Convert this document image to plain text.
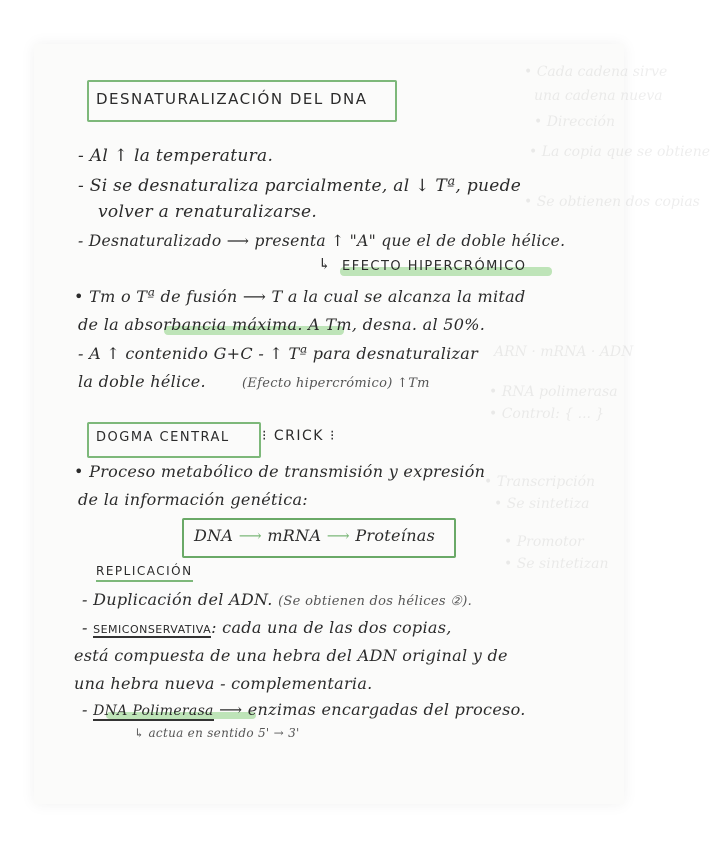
• Cada cadena sirve
una cadena nueva
• Dirección
• La copia que se obtiene
• Se obtienen dos copias
ARN · mRNA · ADN
• RNA polimerasa
• Control: { ... }
• Transcripción
• Se sintetiza
• Promotor
• Se sintetizan
DESNATURALIZACIÓN DEL DNA
- Al ↑ la temperatura.
- Si se desnaturaliza parcialmente, al ↓ Tª, puede
volver a renaturalizarse.
- Desnaturalizado ⟶ presenta ↑ "A" que el de doble hélice.
↳ EFECTO HIPERCRÓMICO
• Tm o Tª de fusión ⟶ T a la cual se alcanza la mitad
de la absorbancia máxima. A Tm, desna. al 50%.
- A ↑ contenido G+C - ↑ Tª para desnaturalizar
la doble hélice.	(Efecto hipercrómico) ↑Tm
DOGMA CENTRAL ⁝ CRICK ⁝
• Proceso metabólico de transmisión y expresión
de la información genética:
DNA ⟶ mRNA ⟶ Proteínas
REPLICACIÓN
- Duplicación del ADN. (Se obtienen dos hélices ②).
- SEMICONSERVATIVA: cada una de las dos copias,
está compuesta de una hebra del ADN original y de
una hebra nueva - complementaria.
- DNA Polimerasa ⟶ enzimas encargadas del proceso.
↳ actua en sentido 5' → 3'
